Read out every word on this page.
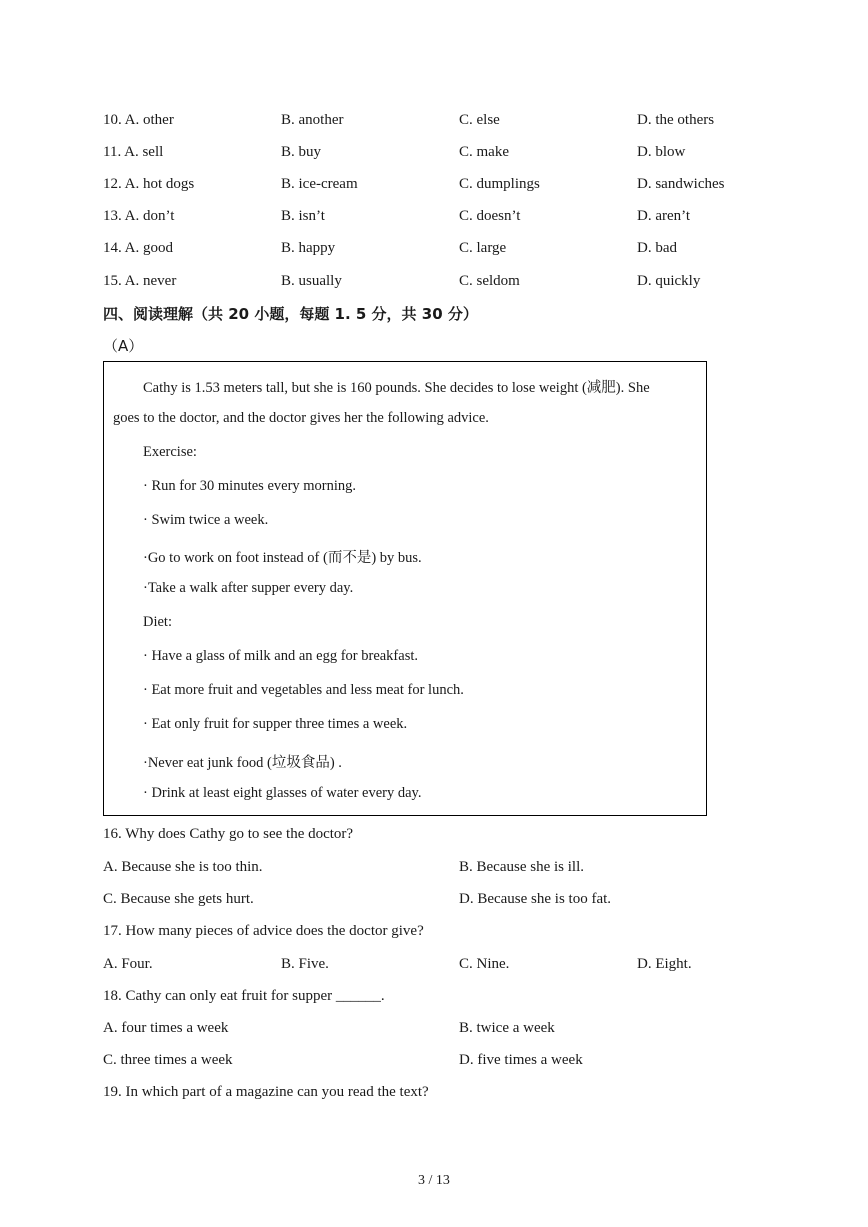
10. A. other	B. another	C. else	D. the others
11. A. sell	B. buy	C. make	D. blow
12. A. hot dogs	B. ice-cream	C. dumplings	D. sandwiches
13. A. don’t	B. isn’t	C. doesn’t	D. aren’t
14. A. good	B. happy	C. large	D. bad
15. A. never	B. usually	C. seldom	D. quickly
四、阅读理解（共 20 小题，每题 1. 5 分，共 30 分）
（A）
Cathy is 1.53 meters tall, but she is 160 pounds. She decides to lose weight (减肥). She
goes to the doctor, and the doctor gives her the following advice.
Exercise:
· Run for 30 minutes every morning.
· Swim twice a week.
·Go to work on foot instead of (而不是) by bus.
·Take a walk after supper every day.
Diet:
· Have a glass of milk and an egg for breakfast.
· Eat more fruit and vegetables and less meat for lunch.
· Eat only fruit for supper three times a week.
·Never eat junk food (垃圾食品) .
· Drink at least eight glasses of water every day.
16. Why does Cathy go to see the doctor?
A. Because she is too thin.	B. Because she is ill.
C. Because she gets hurt.	D. Because she is too fat.
17. How many pieces of advice does the doctor give?
A. Four.	B. Five.	C. Nine.	D. Eight.
18. Cathy can only eat fruit for supper ______.
A. four times a week	B. twice a week
C. three times a week	D. five times a week
19. In which part of a magazine can you read the text?
3 / 13
